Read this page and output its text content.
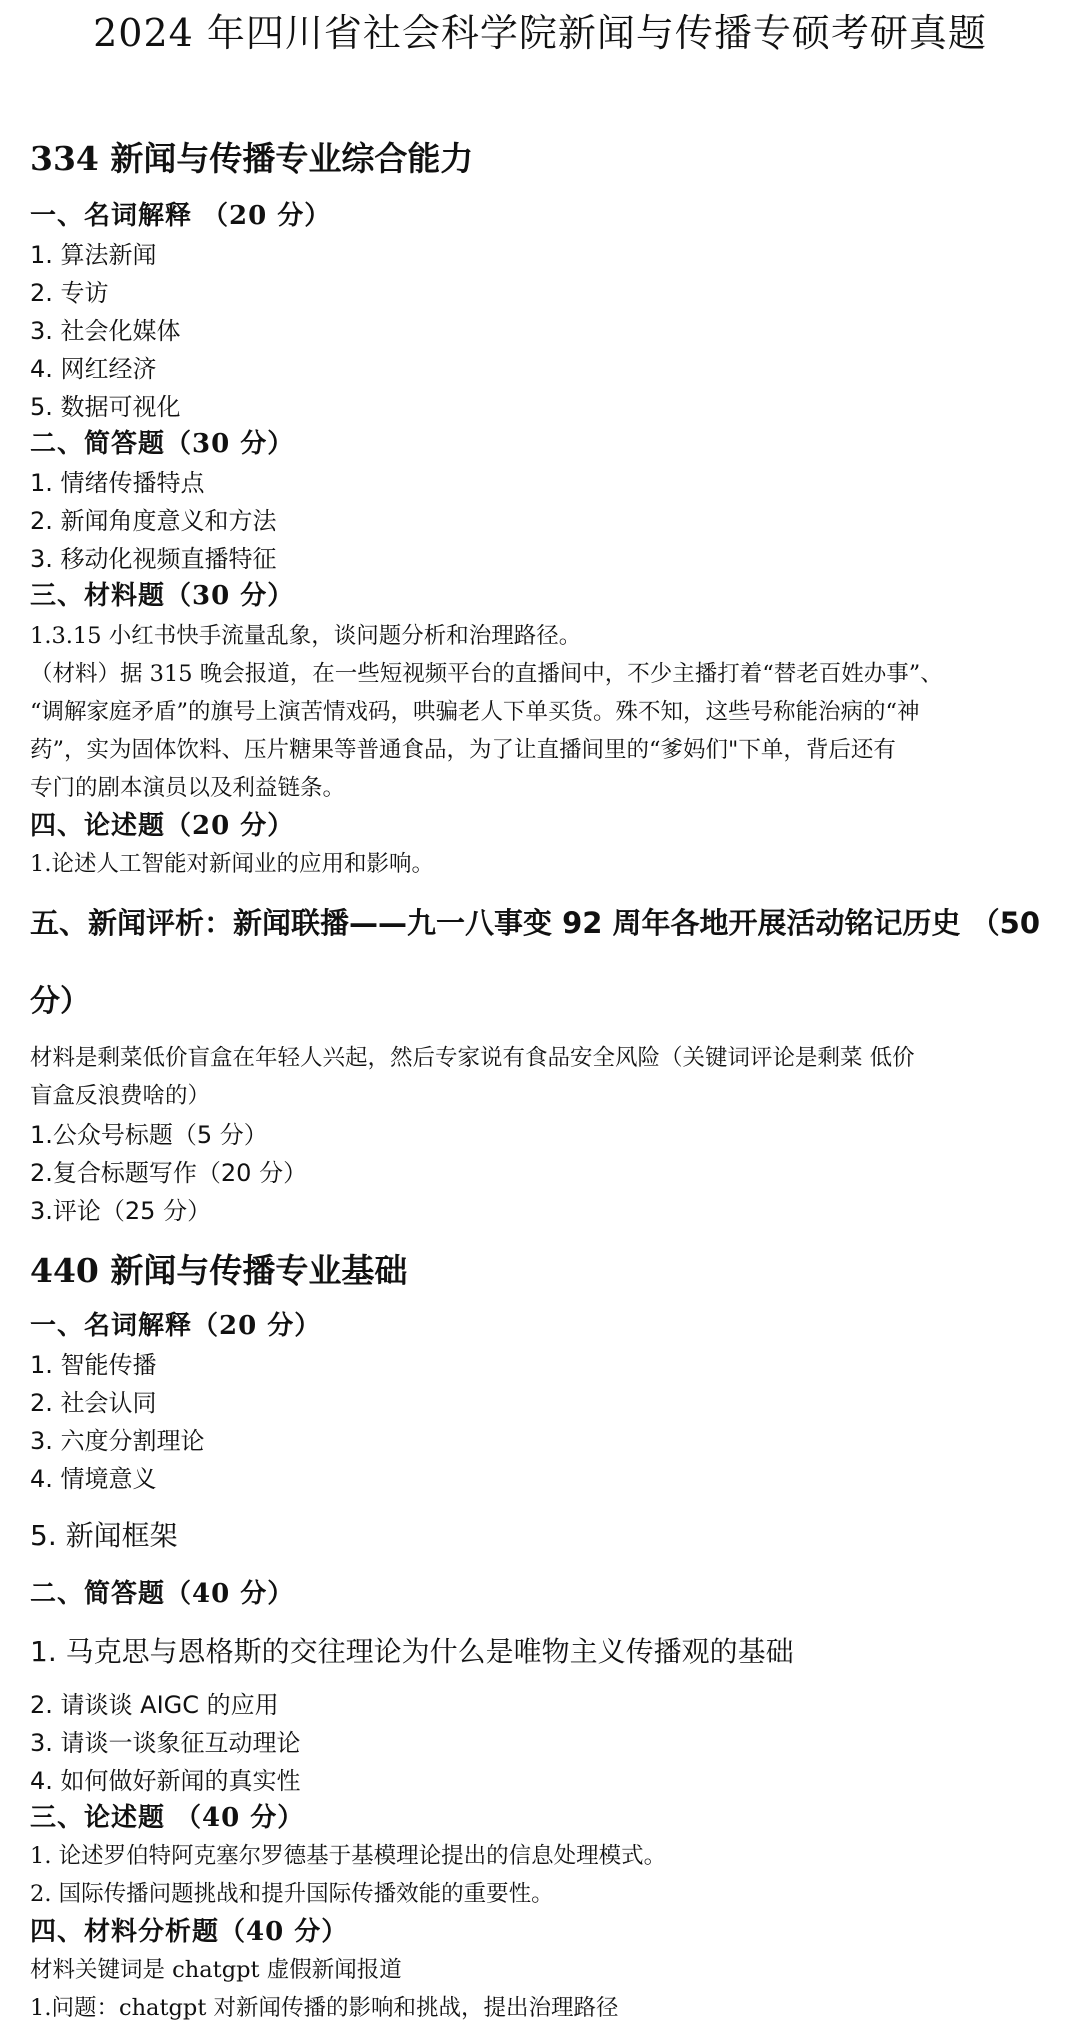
2024 年四川省社会科学院新闻与传播专硕考研真题
334 新闻与传播专业综合能力
一、名词解释 （20 分）
1. 算法新闻
2. 专访
3. 社会化媒体
4. 网红经济
5. 数据可视化
二、简答题（30 分）
1. 情绪传播特点
2. 新闻角度意义和方法
3. 移动化视频直播特征
三、材料题（30 分）
1.3.15 小红书快手流量乱象，谈问题分析和治理路径。
（材料）据 315 晚会报道，在一些短视频平台的直播间中，不少主播打着“替老百姓办事”、
“调解家庭矛盾”的旗号上演苦情戏码，哄骗老人下单买货。殊不知，这些号称能治病的“神
药”，实为固体饮料、压片糖果等普通食品，为了让直播间里的“爹妈们"下单，背后还有
专门的剧本演员以及利益链条。
四、论述题（20 分）
1.论述人工智能对新闻业的应用和影响。
五、新闻评析：新闻联播——九一八事变 92 周年各地开展活动铭记历史 （50
分）
材料是剩菜低价盲盒在年轻人兴起，然后专家说有食品安全风险（关键词评论是剩菜 低价
盲盒反浪费啥的）
1.公众号标题（5 分）
2.复合标题写作（20 分）
3.评论（25 分）
440 新闻与传播专业基础
一、名词解释（20 分）
1. 智能传播
2. 社会认同
3. 六度分割理论
4. 情境意义
5. 新闻框架
二、简答题（40 分）
1. 马克思与恩格斯的交往理论为什么是唯物主义传播观的基础
2. 请谈谈 AIGC 的应用
3. 请谈一谈象征互动理论
4. 如何做好新闻的真实性
三、论述题 （40 分）
1. 论述罗伯特阿克塞尔罗德基于基模理论提出的信息处理模式。
2. 国际传播问题挑战和提升国际传播效能的重要性。
四、材料分析题（40 分）
材料关键词是 chatgpt 虚假新闻报道
1.问题：chatgpt 对新闻传播的影响和挑战，提出治理路径
